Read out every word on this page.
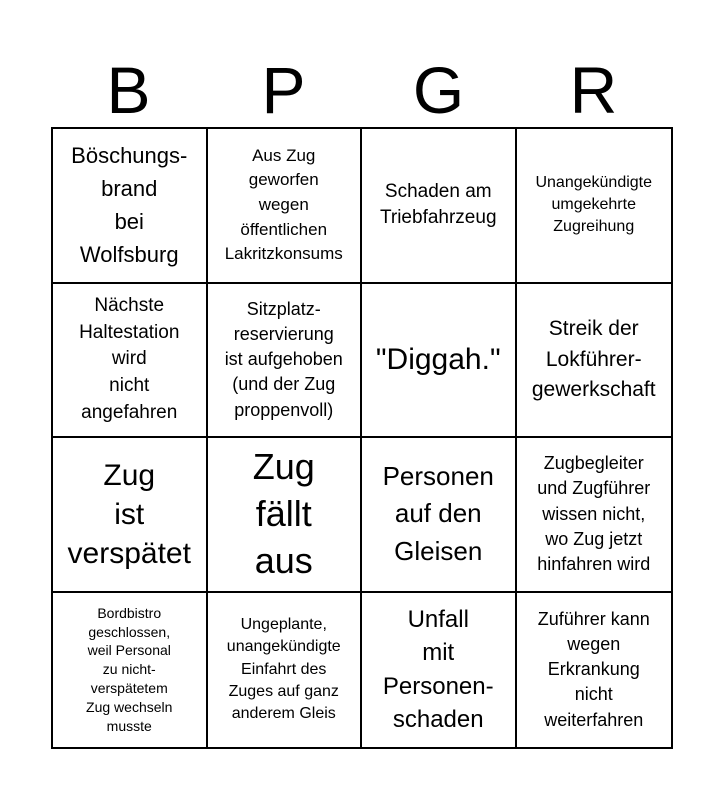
B	P	G	R
Böschungs-
brand
bei
Wolfsburg
Aus Zug
geworfen
wegen
öffentlichen
Lakritzkonsums
Schaden am
Triebfahrzeug
Unangekündigte
umgekehrte
Zugreihung
Nächste
Haltestation
wird
nicht
angefahren
Sitzplatz-
reservierung
ist aufgehoben
(und der Zug
proppenvoll)
"Diggah."
Streik der
Lokführer-
gewerkschaft
Zug
ist
verspätet
Zug
fällt
aus
Personen
auf den
Gleisen
Zugbegleiter
und Zugführer
wissen nicht,
wo Zug jetzt
hinfahren wird
Bordbistro
geschlossen,
weil Personal
zu nicht-
verspätetem
Zug wechseln
musste
Ungeplante,
unangekündigte
Einfahrt des
Zuges auf ganz
anderem Gleis
Unfall
mit
Personen-
schaden
Zuführer kann
wegen
Erkrankung
nicht
weiterfahren
